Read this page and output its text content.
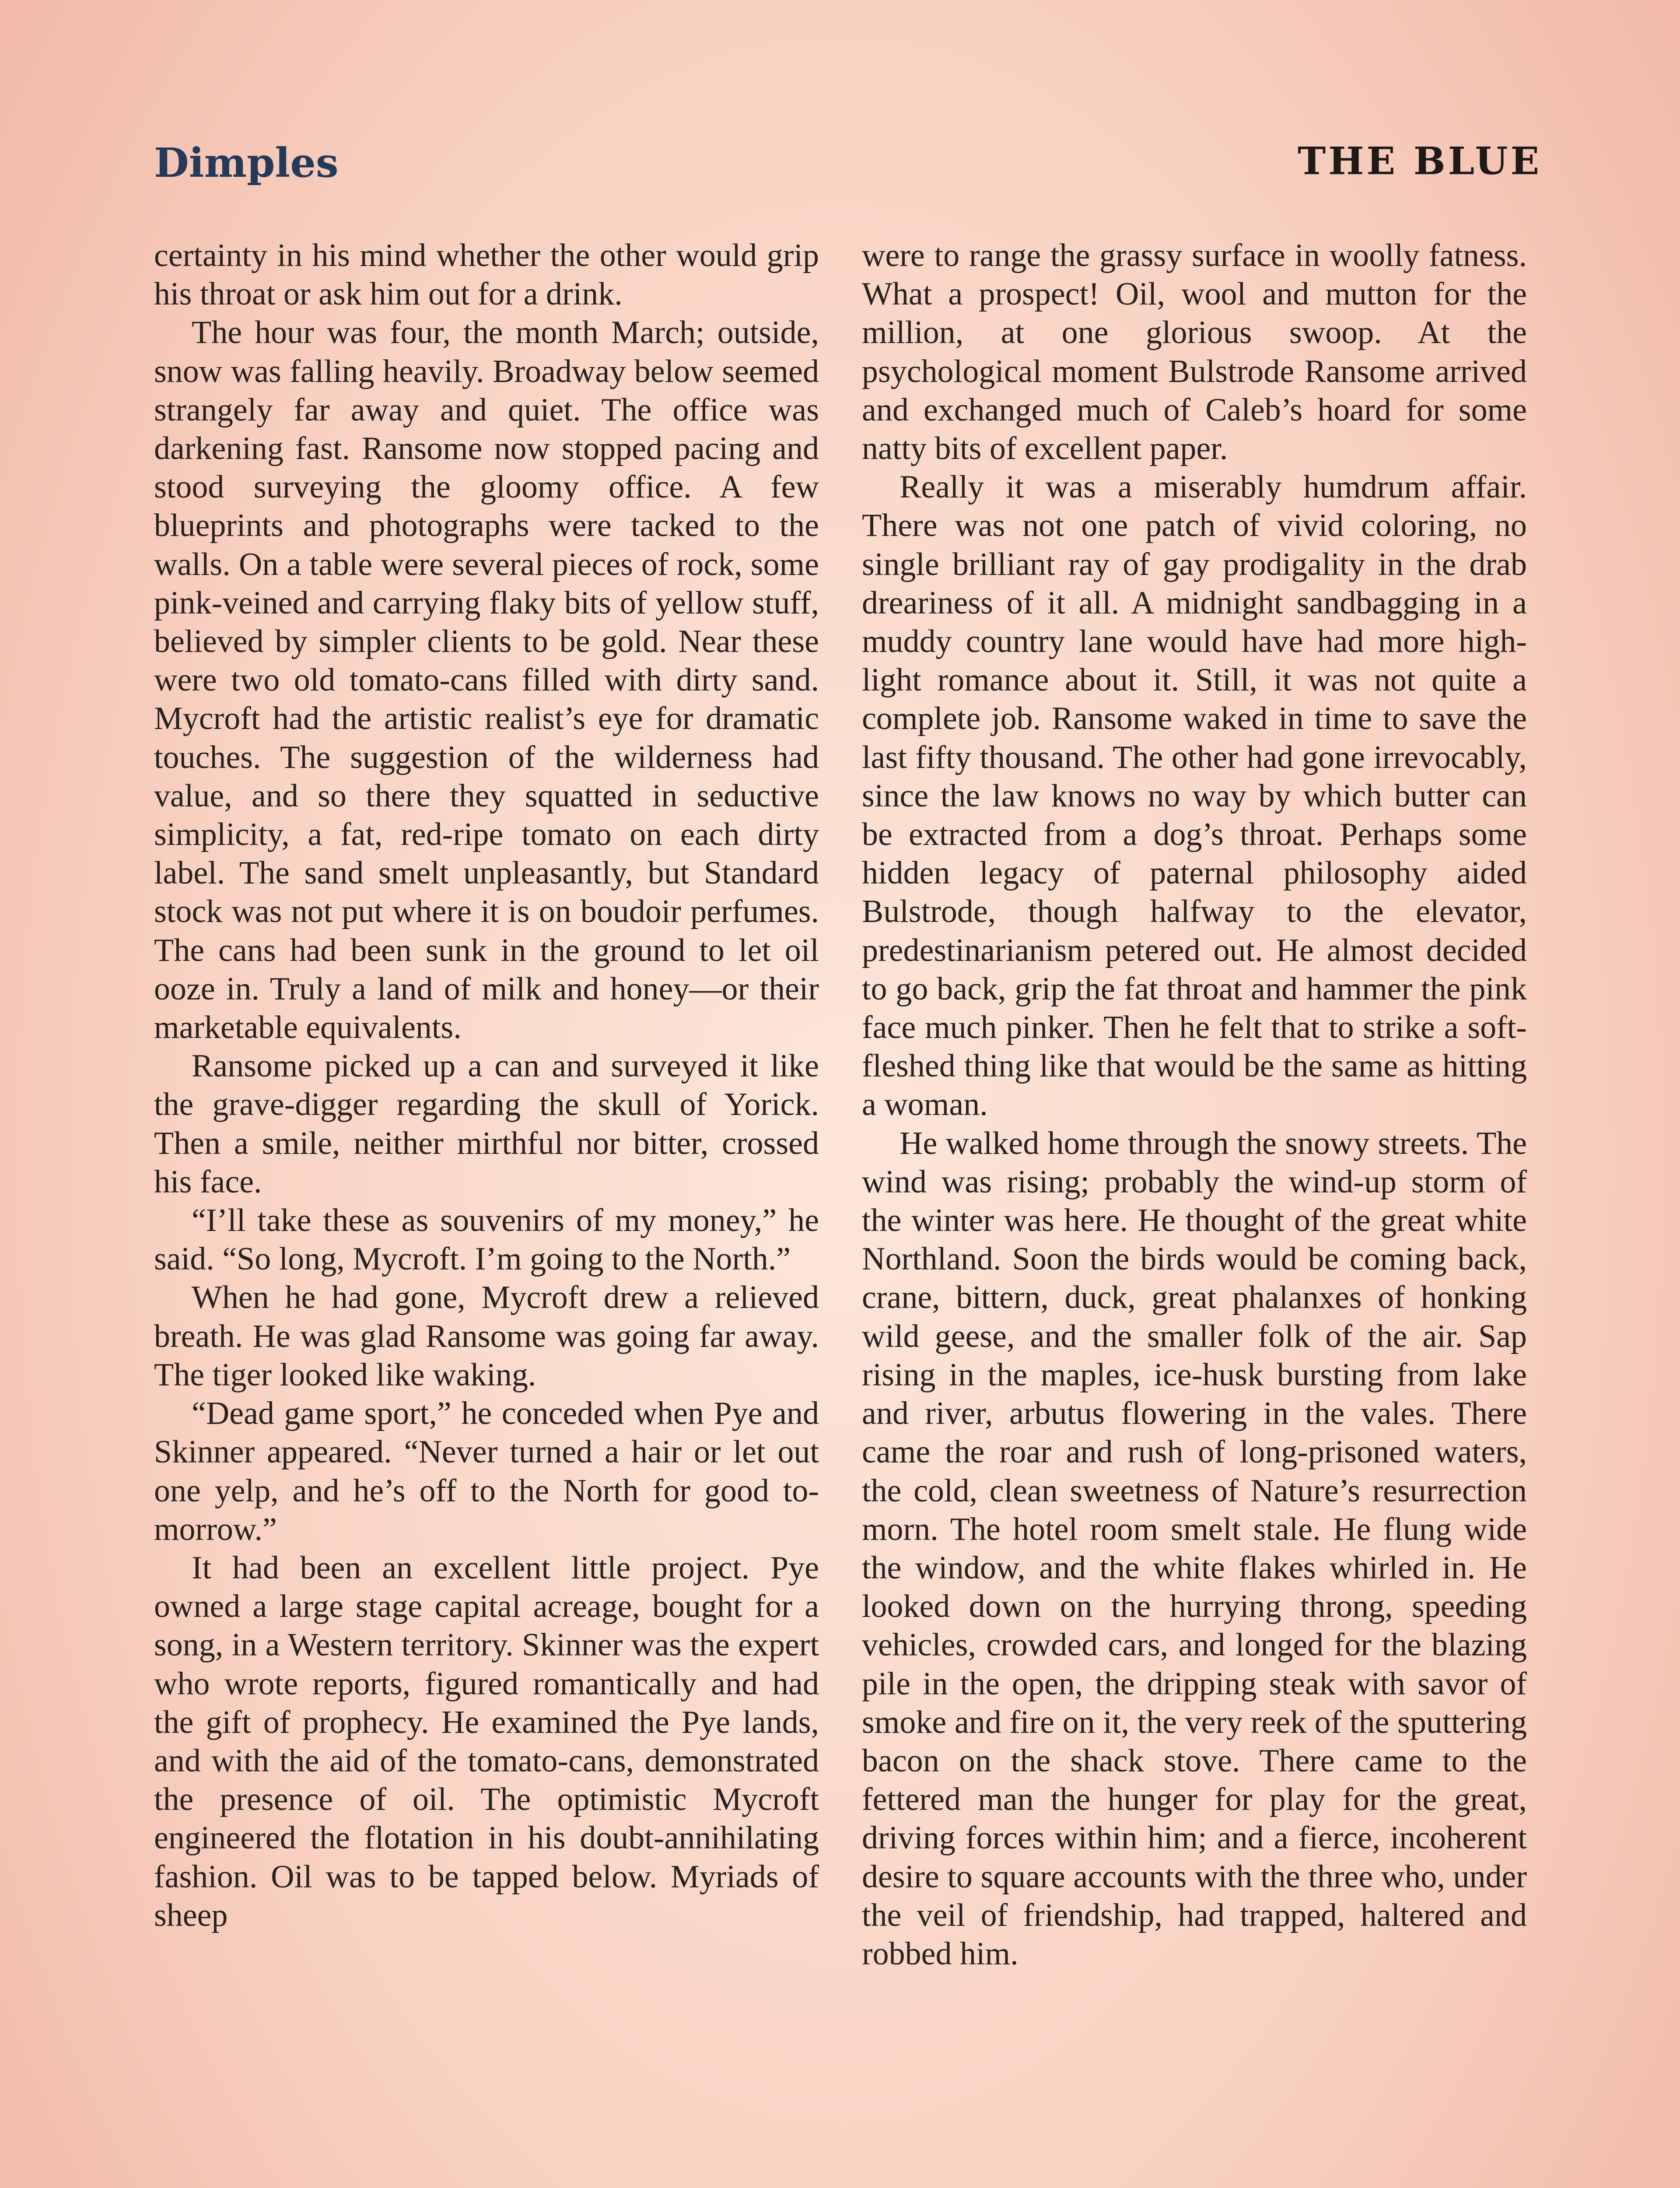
Dimples	THE BLUE

certainty in his mind whether the other would grip his throat or ask him out for a drink.

The hour was four, the month March; outside, snow was falling heavily. Broadway below seemed strangely far away and quiet. The office was darkening fast. Ransome now stopped pacing and stood surveying the gloomy office. A few blueprints and photographs were tacked to the walls. On a table were several pieces of rock, some pink-veined and carrying flaky bits of yellow stuff, believed by simpler clients to be gold. Near these were two old tomato-cans filled with dirty sand. Mycroft had the artistic realist’s eye for dramatic touches. The suggestion of the wilderness had value, and so there they squatted in seductive simplicity, a fat, red-ripe tomato on each dirty label. The sand smelt unpleasantly, but Standard stock was not put where it is on boudoir perfumes. The cans had been sunk in the ground to let oil ooze in. Truly a land of milk and honey—or their marketable equivalents.

Ransome picked up a can and surveyed it like the grave-digger regarding the skull of Yorick. Then a smile, neither mirthful nor bitter, crossed his face.

“I’ll take these as souvenirs of my money,” he said. “So long, Mycroft. I’m going to the North.”

When he had gone, Mycroft drew a relieved breath. He was glad Ransome was going far away. The tiger looked like waking.

“Dead game sport,” he conceded when Pye and Skinner appeared. “Never turned a hair or let out one yelp, and he’s off to the North for good to-morrow.”

It had been an excellent little project. Pye owned a large stage capital acreage, bought for a song, in a Western territory. Skinner was the expert who wrote reports, figured romantically and had the gift of prophecy. He examined the Pye lands, and with the aid of the tomato-cans, demonstrated the presence of oil. The optimistic Mycroft engineered the flotation in his doubt-annihilating fashion. Oil was to be tapped below. Myriads of sheep

were to range the grassy surface in woolly fatness. What a prospect! Oil, wool and mutton for the million, at one glorious swoop. At the psychological moment Bulstrode Ransome arrived and exchanged much of Caleb’s hoard for some natty bits of excellent paper.

Really it was a miserably humdrum affair. There was not one patch of vivid coloring, no single brilliant ray of gay prodigality in the drab dreariness of it all. A midnight sandbagging in a muddy country lane would have had more high-light romance about it. Still, it was not quite a complete job. Ransome waked in time to save the last fifty thousand. The other had gone irrevocably, since the law knows no way by which butter can be extracted from a dog’s throat. Perhaps some hidden legacy of paternal philosophy aided Bulstrode, though halfway to the elevator, predestinarianism petered out. He almost decided to go back, grip the fat throat and hammer the pink face much pinker. Then he felt that to strike a soft-fleshed thing like that would be the same as hitting a woman.

He walked home through the snowy streets. The wind was rising; probably the wind-up storm of the winter was here. He thought of the great white Northland. Soon the birds would be coming back, crane, bittern, duck, great phalanxes of honking wild geese, and the smaller folk of the air. Sap rising in the maples, ice-husk bursting from lake and river, arbutus flowering in the vales. There came the roar and rush of long-prisoned waters, the cold, clean sweetness of Nature’s resurrection morn. The hotel room smelt stale. He flung wide the window, and the white flakes whirled in. He looked down on the hurrying throng, speeding vehicles, crowded cars, and longed for the blazing pile in the open, the dripping steak with savor of smoke and fire on it, the very reek of the sputtering bacon on the shack stove. There came to the fettered man the hunger for play for the great, driving forces within him; and a fierce, incoherent desire to square accounts with the three who, under the veil of friendship, had trapped, haltered and robbed him.
